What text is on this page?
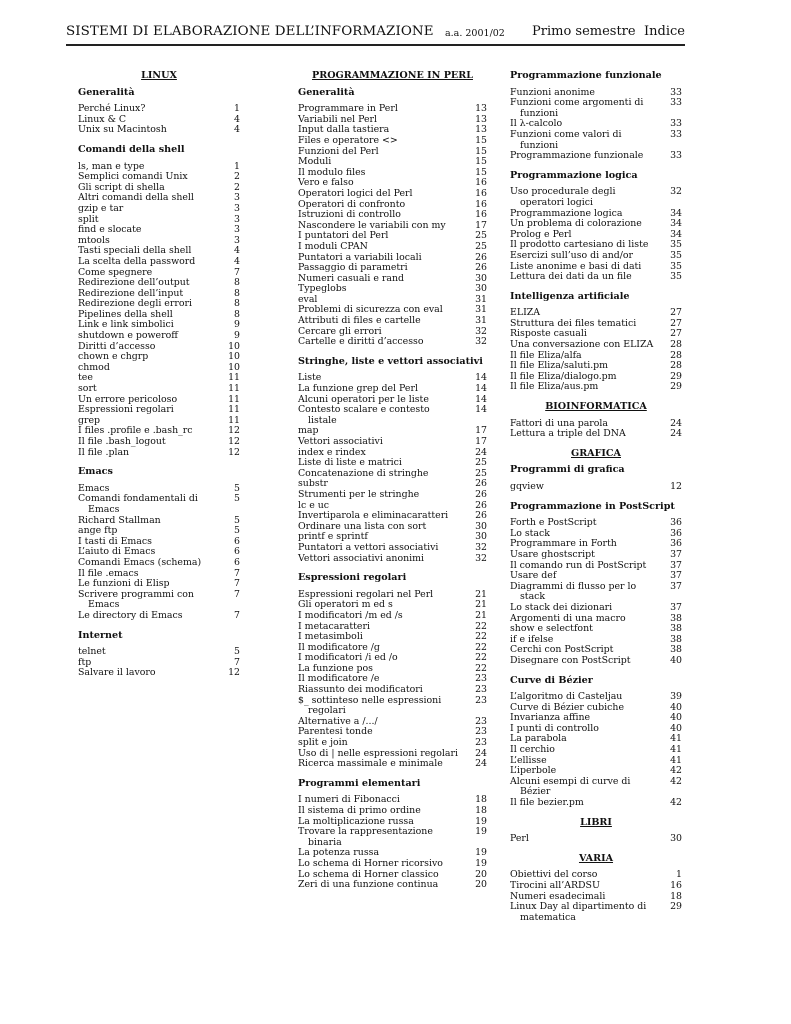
SISTEMI DI ELABORAZIONE DELL’INFORMAZIONE a.a. 2001/02 Primo semestre Indice
LINUX
Generalità
Perché Linux?	1
Linux & C	4
Unix su Macintosh	4
Comandi della shell
ls, man e type	1
Semplici comandi Unix	2
Gli script di shella	2
Altri comandi della shell	3
gzip e tar	3
split	3
find e slocate	3
mtools	3
Tasti speciali della shell	4
La scelta della password	4
Come spegnere	7
Redirezione dell’output	8
Redirezione dell’input	8
Redirezione degli errori	8
Pipelines della shell	8
Link e link simbolici	9
shutdown e poweroff	9
Diritti d’accesso	10
chown e chgrp	10
chmod	10
tee	11
sort	11
Un errore pericoloso	11
Espressioni regolari	11
grep	11
I files .profile e .bash_rc	12
Il file .bash_logout	12
Il file .plan	12
Emacs
Emacs	5
Comandi fondamentali di Emacs
5
Richard Stallman	5
ange ftp	5
I tasti di Emacs	6
L’aiuto di Emacs	6
Comandi Emacs (schema)	6
Il file .emacs	7
Le funzioni di Elisp	7
Scrivere programmi con Emacs
7
Le directory di Emacs	7
Internet
telnet	5
ftp	7
Salvare il lavoro	12
PROGRAMMAZIONE IN PERL
Generalità
Programmare in Perl	13
Variabili nel Perl	13
Input dalla tastiera	13
Files e operatore <>	15
Funzioni del Perl	15
Moduli	15
Il modulo files	15
Vero e falso	16
Operatori logici del Perl	16
Operatori di confronto	16
Istruzioni di controllo	16
Nascondere le variabili con my	17
I puntatori del Perl	25
I moduli CPAN	25
Puntatori a variabili locali	26
Passaggio di parametri	26
Numeri casuali e rand	30
Typeglobs	30
eval	31
Problemi di sicurezza con eval	31
Attributi di files e cartelle	31
Cercare gli errori	32
Cartelle e diritti d’accesso	32
Stringhe, liste e vettori associativi
Liste	14
La funzione grep del Perl	14
Alcuni operatori per le liste	14
Contesto scalare e contesto listale
14
map	17
Vettori associativi	17
index e rindex	24
Liste di liste e matrici	25
Concatenazione di stringhe	25
substr	26
Strumenti per le stringhe	26
lc e uc	26
Invertiparola e eliminacaratteri	26
Ordinare una lista con sort	30
printf e sprintf	30
Puntatori a vettori associativi	32
Vettori associativi anonimi	32
Espressioni regolari
Espressioni regolari nel Perl	21
Gli operatori m ed s	21
I modificatori /m ed /s	21
I metacaratteri	22
I metasimboli	22
Il modificatore /g	22
I modificatori /i ed /o	22
La funzione pos	22
Il modificatore /e	23
Riassunto dei modificatori	23
$_ sottinteso nelle espressioni regolari
23
Alternative a /.../	23
Parentesi tonde	23
split e join	23
Uso di | nelle espressioni regolari	24
Ricerca massimale e minimale	24
Programmi elementari
I numeri di Fibonacci	18
Il sistema di primo ordine	18
La moltiplicazione russa	19
Trovare la rappresentazione binaria
19
La potenza russa	19
Lo schema di Horner ricorsivo	19
Lo schema di Horner classico	20
Zeri di una funzione continua	20
Programmazione funzionale
Funzioni anonime	33
Funzioni come argomenti di funzioni
33
Il λ-calcolo	33
Funzioni come valori di funzioni
33
Programmazione funzionale	33
Programmazione logica
Uso procedurale degli operatori logici
32
Programmazione logica	34
Un problema di colorazione	34
Prolog e Perl	34
Il prodotto cartesiano di liste	35
Esercizi sull’uso di and/or	35
Liste anonime e basi di dati	35
Lettura dei dati da un file	35
Intelligenza artificiale
ELIZA	27
Struttura dei files tematici	27
Risposte casuali	27
Una conversazione con ELIZA 28
Il file Eliza/alfa	28
Il file Eliza/saluti.pm	28
Il file Eliza/dialogo.pm	29
Il file Eliza/aus.pm	29
BIOINFORMATICA
Fattori di una parola	24
Lettura a triple del DNA	24
GRAFICA
Programmi di grafica
gqview	12
Programmazione in PostScript
Forth e PostScript	36
Lo stack	36
Programmare in Forth	36
Usare ghostscript	37
Il comando run di PostScript	37
Usare def	37
Diagrammi di flusso per lo stack
37
Lo stack dei dizionari	37
Argomenti di una macro	38
show e selectfont	38
if e ifelse	38
Cerchi con PostScript	38
Disegnare con PostScript	40
Curve di Bézier
L’algoritmo di Casteljau	39
Curve di Bézier cubiche	40
Invarianza affine	40
I punti di controllo	40
La parabola	41
Il cerchio	41
L’ellisse	41
L’iperbole	42
Alcuni esempi di curve di Bézier
42
Il file bezier.pm	42
LIBRI
Perl	30
VARIA
Obiettivi del corso	1
Tirocini all’ARDSU	16
Numeri esadecimali	18
Linux Day al dipartimento di matematica
29
